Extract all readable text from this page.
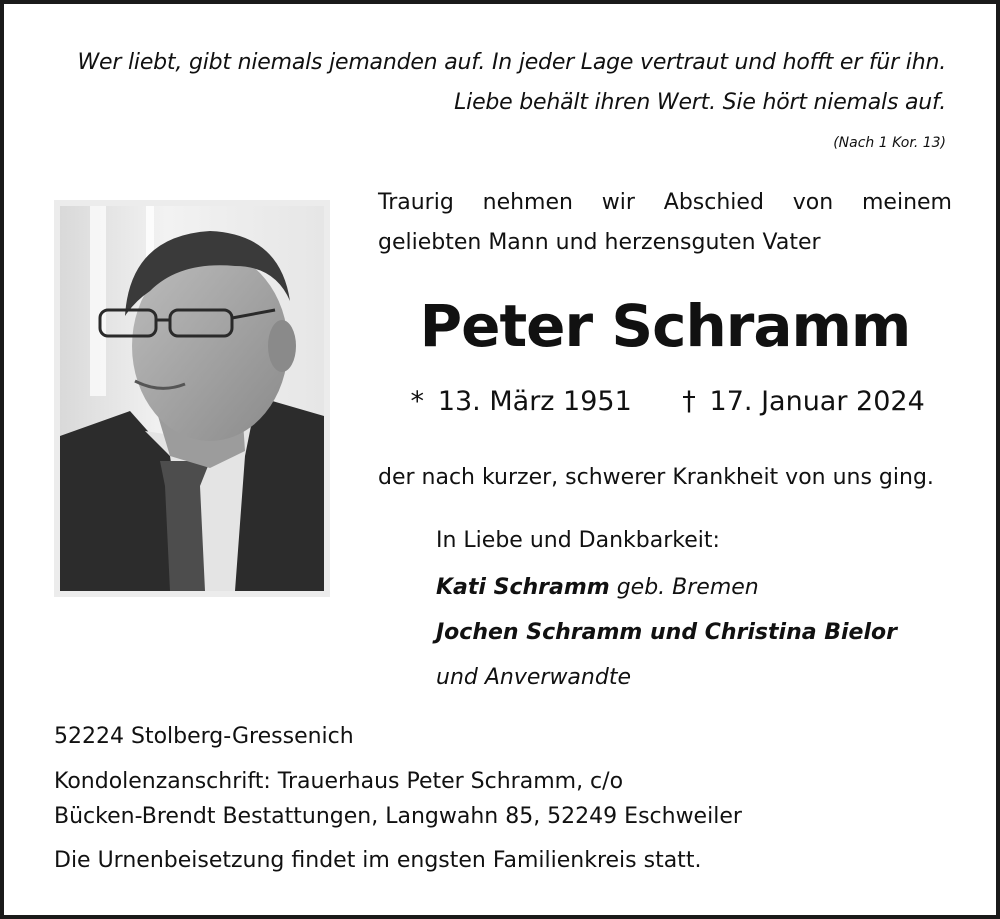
Wer liebt, gibt niemals jemanden auf. In jeder Lage vertraut und hofft er für ihn.
Liebe behält ihren Wert. Sie hört niemals auf.
(Nach 1 Kor. 13)
Traurig nehmen wir Abschied von meinem
geliebten Mann und herzensguten Vater
Peter Schramm
* 13. März 1951 † 17. Januar 2024
der nach kurzer, schwerer Krankheit von uns ging.
In Liebe und Dankbarkeit:
Kati Schramm geb. Bremen
Jochen Schramm und Christina Bielor
und Anverwandte
52224 Stolberg-Gressenich
Kondolenzanschrift: Trauerhaus Peter Schramm, c/o
Bücken-Brendt Bestattungen, Langwahn 85, 52249 Eschweiler
Die Urnenbeisetzung findet im engsten Familienkreis statt.
